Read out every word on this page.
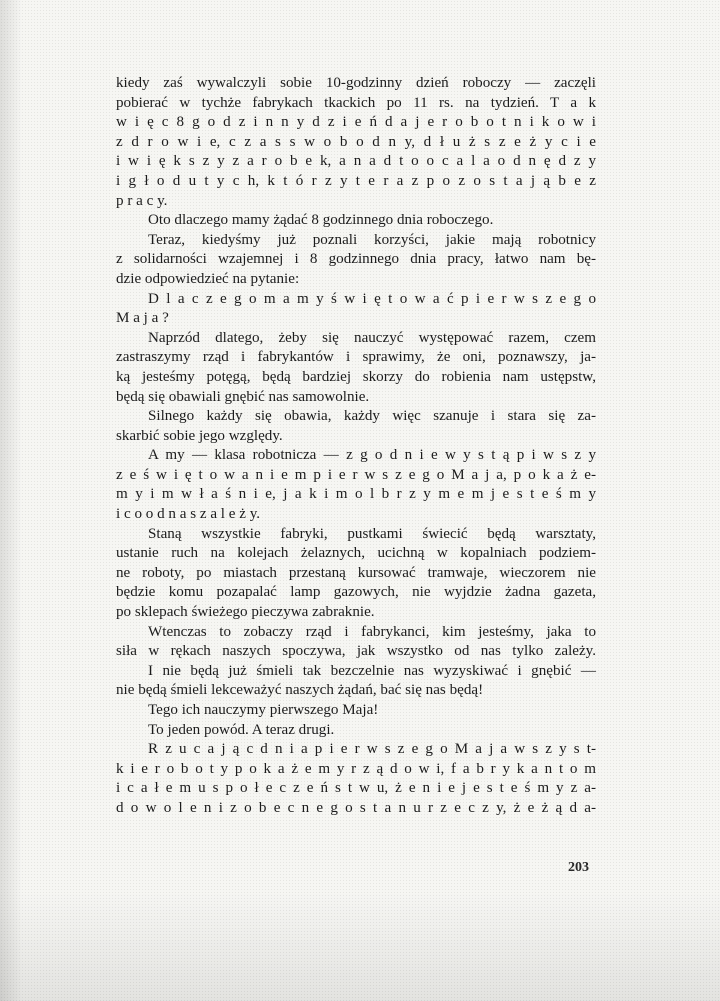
kiedy zaś wywalczyli sobie 10-godzinny dzień roboczy — zaczęli
pobierać w tychże fabrykach tkackich po 11 rs. na tydzień. T a k
w i ę c 8 g o d z i n n y d z i e ń d a j e r o b o t n i k o w i
z d r o w i e, c z a s s w o b o d n y, d ł u ż s z e ż y c i e
i w i ę k s z y z a r o b e k, a n a d t o o c a l a o d n ę d z y
i g ł o d u t y c h, k t ó r z y t e r a z p o z o s t a j ą b e z
p r a c y.
Oto dlaczego mamy żądać 8 godzinnego dnia roboczego.
Teraz, kiedyśmy już poznali korzyści, jakie mają robotnicy
z solidarności wzajemnej i 8 godzinnego dnia pracy, łatwo nam bę-
dzie odpowiedzieć na pytanie:
D l a c z e g o m a m y ś w i ę t o w a ć p i e r w s z e g o
M a j a ?
Naprzód dlatego, żeby się nauczyć występować razem, czem
zastraszymy rząd i fabrykantów i sprawimy, że oni, poznawszy, ja-
ką jesteśmy potęgą, będą bardziej skorzy do robienia nam ustępstw,
będą się obawiali gnębić nas samowolnie.
Silnego każdy się obawia, każdy więc szanuje i stara się za-
skarbić sobie jego względy.
A my — klasa robotnicza — z g o d n i e w y s t ą p i w s z y
z e ś w i ę t o w a n i e m p i e r w s z e g o M a j a, p o k a ż e-
m y i m w ł a ś n i e, j a k i m o l b r z y m e m j e s t e ś m y
i c o o d n a s z a l e ż y.
Staną wszystkie fabryki, pustkami świecić będą warsztaty,
ustanie ruch na kolejach żelaznych, ucichną w kopalniach podziem-
ne roboty, po miastach przestaną kursować tramwaje, wieczorem nie
będzie komu pozapalać lamp gazowych, nie wyjdzie żadna gazeta,
po sklepach świeżego pieczywa zabraknie.
Wtenczas to zobaczy rząd i fabrykanci, kim jesteśmy, jaka to
siła w rękach naszych spoczywa, jak wszystko od nas tylko zależy.
I nie będą już śmieli tak bezczelnie nas wyzyskiwać i gnębić —
nie będą śmieli lekceważyć naszych żądań, bać się nas będą!
Tego ich nauczymy pierwszego Maja!
To jeden powód. A teraz drugi.
R z u c a j ą c d n i a p i e r w s z e g o M a j a w s z y s t-
k i e r o b o t y p o k a ż e m y r z ą d o w i, f a b r y k a n t o m
i c a ł e m u s p o ł e c z e ń s t w u, ż e n i e j e s t e ś m y z a-
d o w o l e n i z o b e c n e g o s t a n u r z e c z y, ż e ż ą d a-
203
